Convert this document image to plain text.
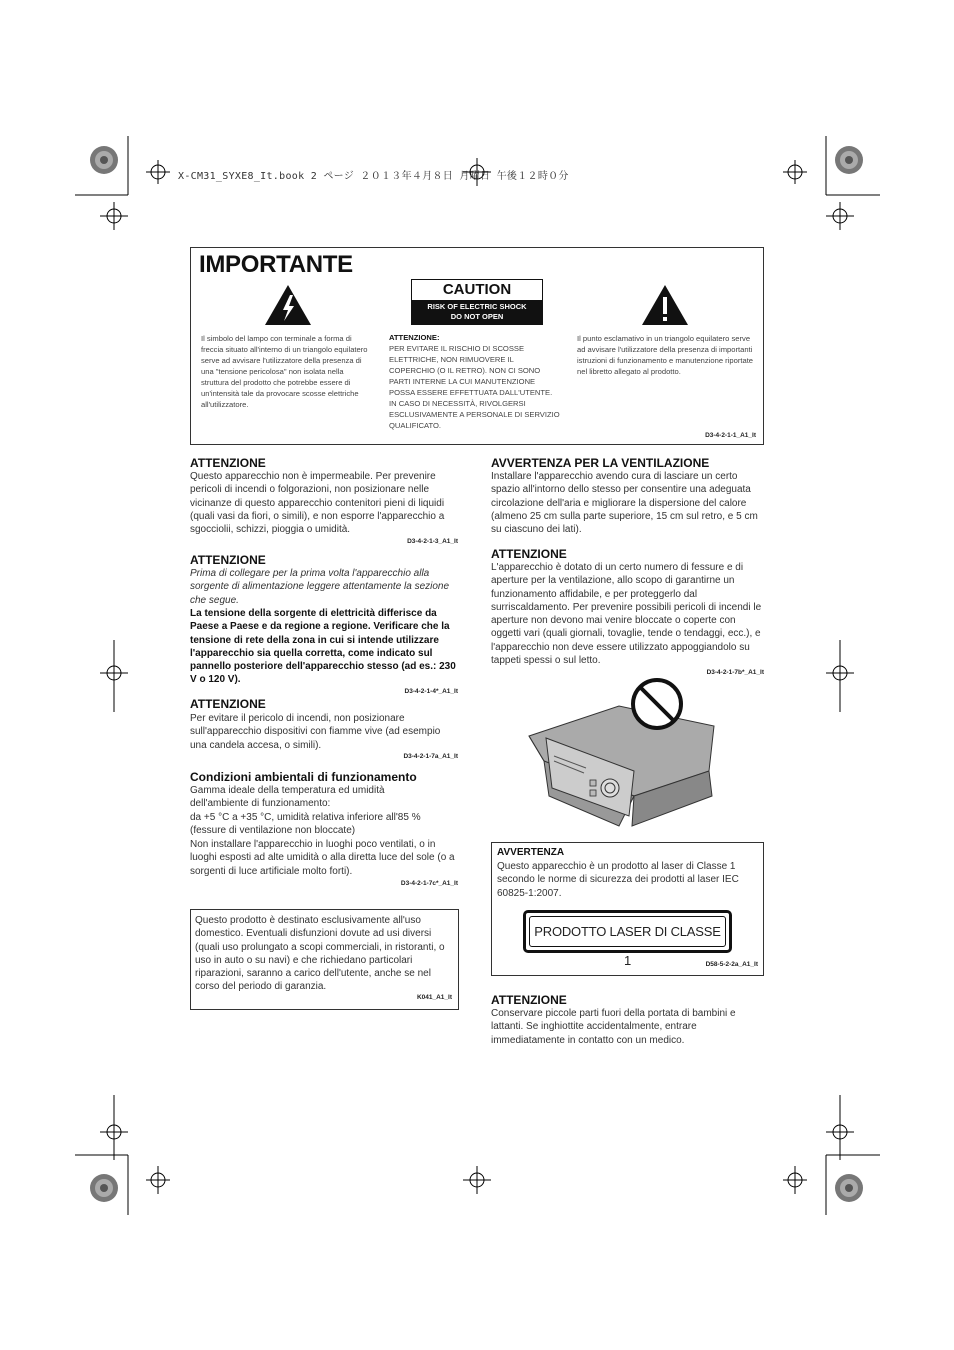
X-CM31_SYXE8_It.book 2 ページ ２０１３年４月８日 月曜日 午後１２時０分
IMPORTANTE
Il simbolo del lampo con terminale a forma di freccia situato all'interno di un triangolo equilatero serve ad avvisare l'utilizzatore della presenza di una "tensione pericolosa" non isolata nella struttura del prodotto che potrebbe essere di un'intensità tale da provocare scosse elettriche all'utilizzatore.
CAUTION
RISK OF ELECTRIC SHOCK
DO NOT OPEN
ATTENZIONE:
PER EVITARE IL RISCHIO DI SCOSSE ELETTRICHE, NON RIMUOVERE IL COPERCHIO (O IL RETRO). NON CI SONO PARTI INTERNE LA CUI MANUTENZIONE POSSA ESSERE EFFETTUATA DALL'UTENTE. IN CASO DI NECESSITÀ, RIVOLGERSI ESCLUSIVAMENTE A PERSONALE DI SERVIZIO QUALIFICATO.
Il punto esclamativo in un triangolo equilatero serve ad avvisare l'utilizzatore della presenza di importanti istruzioni di funzionamento e manutenzione riportate nel libretto allegato al prodotto.
D3-4-2-1-1_A1_It
ATTENZIONE
Questo apparecchio non è impermeabile. Per prevenire pericoli di incendi o folgorazioni, non posizionare nelle vicinanze di questo apparecchio contenitori pieni di liquidi (quali vasi da fiori, o simili), e non esporre l'apparecchio a sgocciolii, schizzi, pioggia o umidità.
D3-4-2-1-3_A1_It
ATTENZIONE
Prima di collegare per la prima volta l'apparecchio alla sorgente di alimentazione leggere attentamente la sezione che segue.
La tensione della sorgente di elettricità differisce da Paese a Paese e da regione a regione. Verificare che la tensione di rete della zona in cui si intende utilizzare l'apparecchio sia quella corretta, come indicato sul pannello posteriore dell'apparecchio stesso (ad es.: 230 V o 120 V).
D3-4-2-1-4*_A1_It
ATTENZIONE
Per evitare il pericolo di incendi, non posizionare sull'apparecchio dispositivi con fiamme vive (ad esempio una candela accesa, o simili).
D3-4-2-1-7a_A1_It
Condizioni ambientali di funzionamento
Gamma ideale della temperatura ed umidità dell'ambiente di funzionamento:
da +5 °C a +35 °C, umidità relativa inferiore all'85 % (fessure di ventilazione non bloccate)
Non installare l'apparecchio in luoghi poco ventilati, o in luoghi esposti ad alte umidità o alla diretta luce del sole (o a sorgenti di luce artificiale molto forti).
D3-4-2-1-7c*_A1_It
Questo prodotto è destinato esclusivamente all'uso domestico. Eventuali disfunzioni dovute ad usi diversi (quali uso prolungato a scopi commerciali, in ristoranti, o uso in auto o su navi) e che richiedano particolari riparazioni, saranno a carico dell'utente, anche se nel corso del periodo di garanzia.
K041_A1_It
AVVERTENZA PER LA VENTILAZIONE
Installare l'apparecchio avendo cura di lasciare un certo spazio all'intorno dello stesso per consentire una adeguata circolazione dell'aria e migliorare la dispersione del calore (almeno 25 cm sulla parte superiore, 15 cm sul retro, e 5 cm su ciascuno dei lati).
ATTENZIONE
L'apparecchio è dotato di un certo numero di fessure e di aperture per la ventilazione, allo scopo di garantirne un funzionamento affidabile, e per proteggerlo dal surriscaldamento. Per prevenire possibili pericoli di incendi le aperture non devono mai venire bloccate o coperte con oggetti vari (quali giornali, tovaglie, tende o tendaggi, ecc.), e l'apparecchio non deve essere utilizzato appoggiandolo su tappeti spessi o sul letto.
D3-4-2-1-7b*_A1_It
AVVERTENZA
Questo apparecchio è un prodotto al laser di Classe 1 secondo le norme di sicurezza dei prodotti al laser IEC 60825-1:2007.
PRODOTTO LASER DI CLASSE 1	D58-5-2-2a_A1_It
ATTENZIONE
Conservare piccole parti fuori della portata di bambini e lattanti. Se inghiottite accidentalmente, entrare immediatamente in contatto con un medico.
